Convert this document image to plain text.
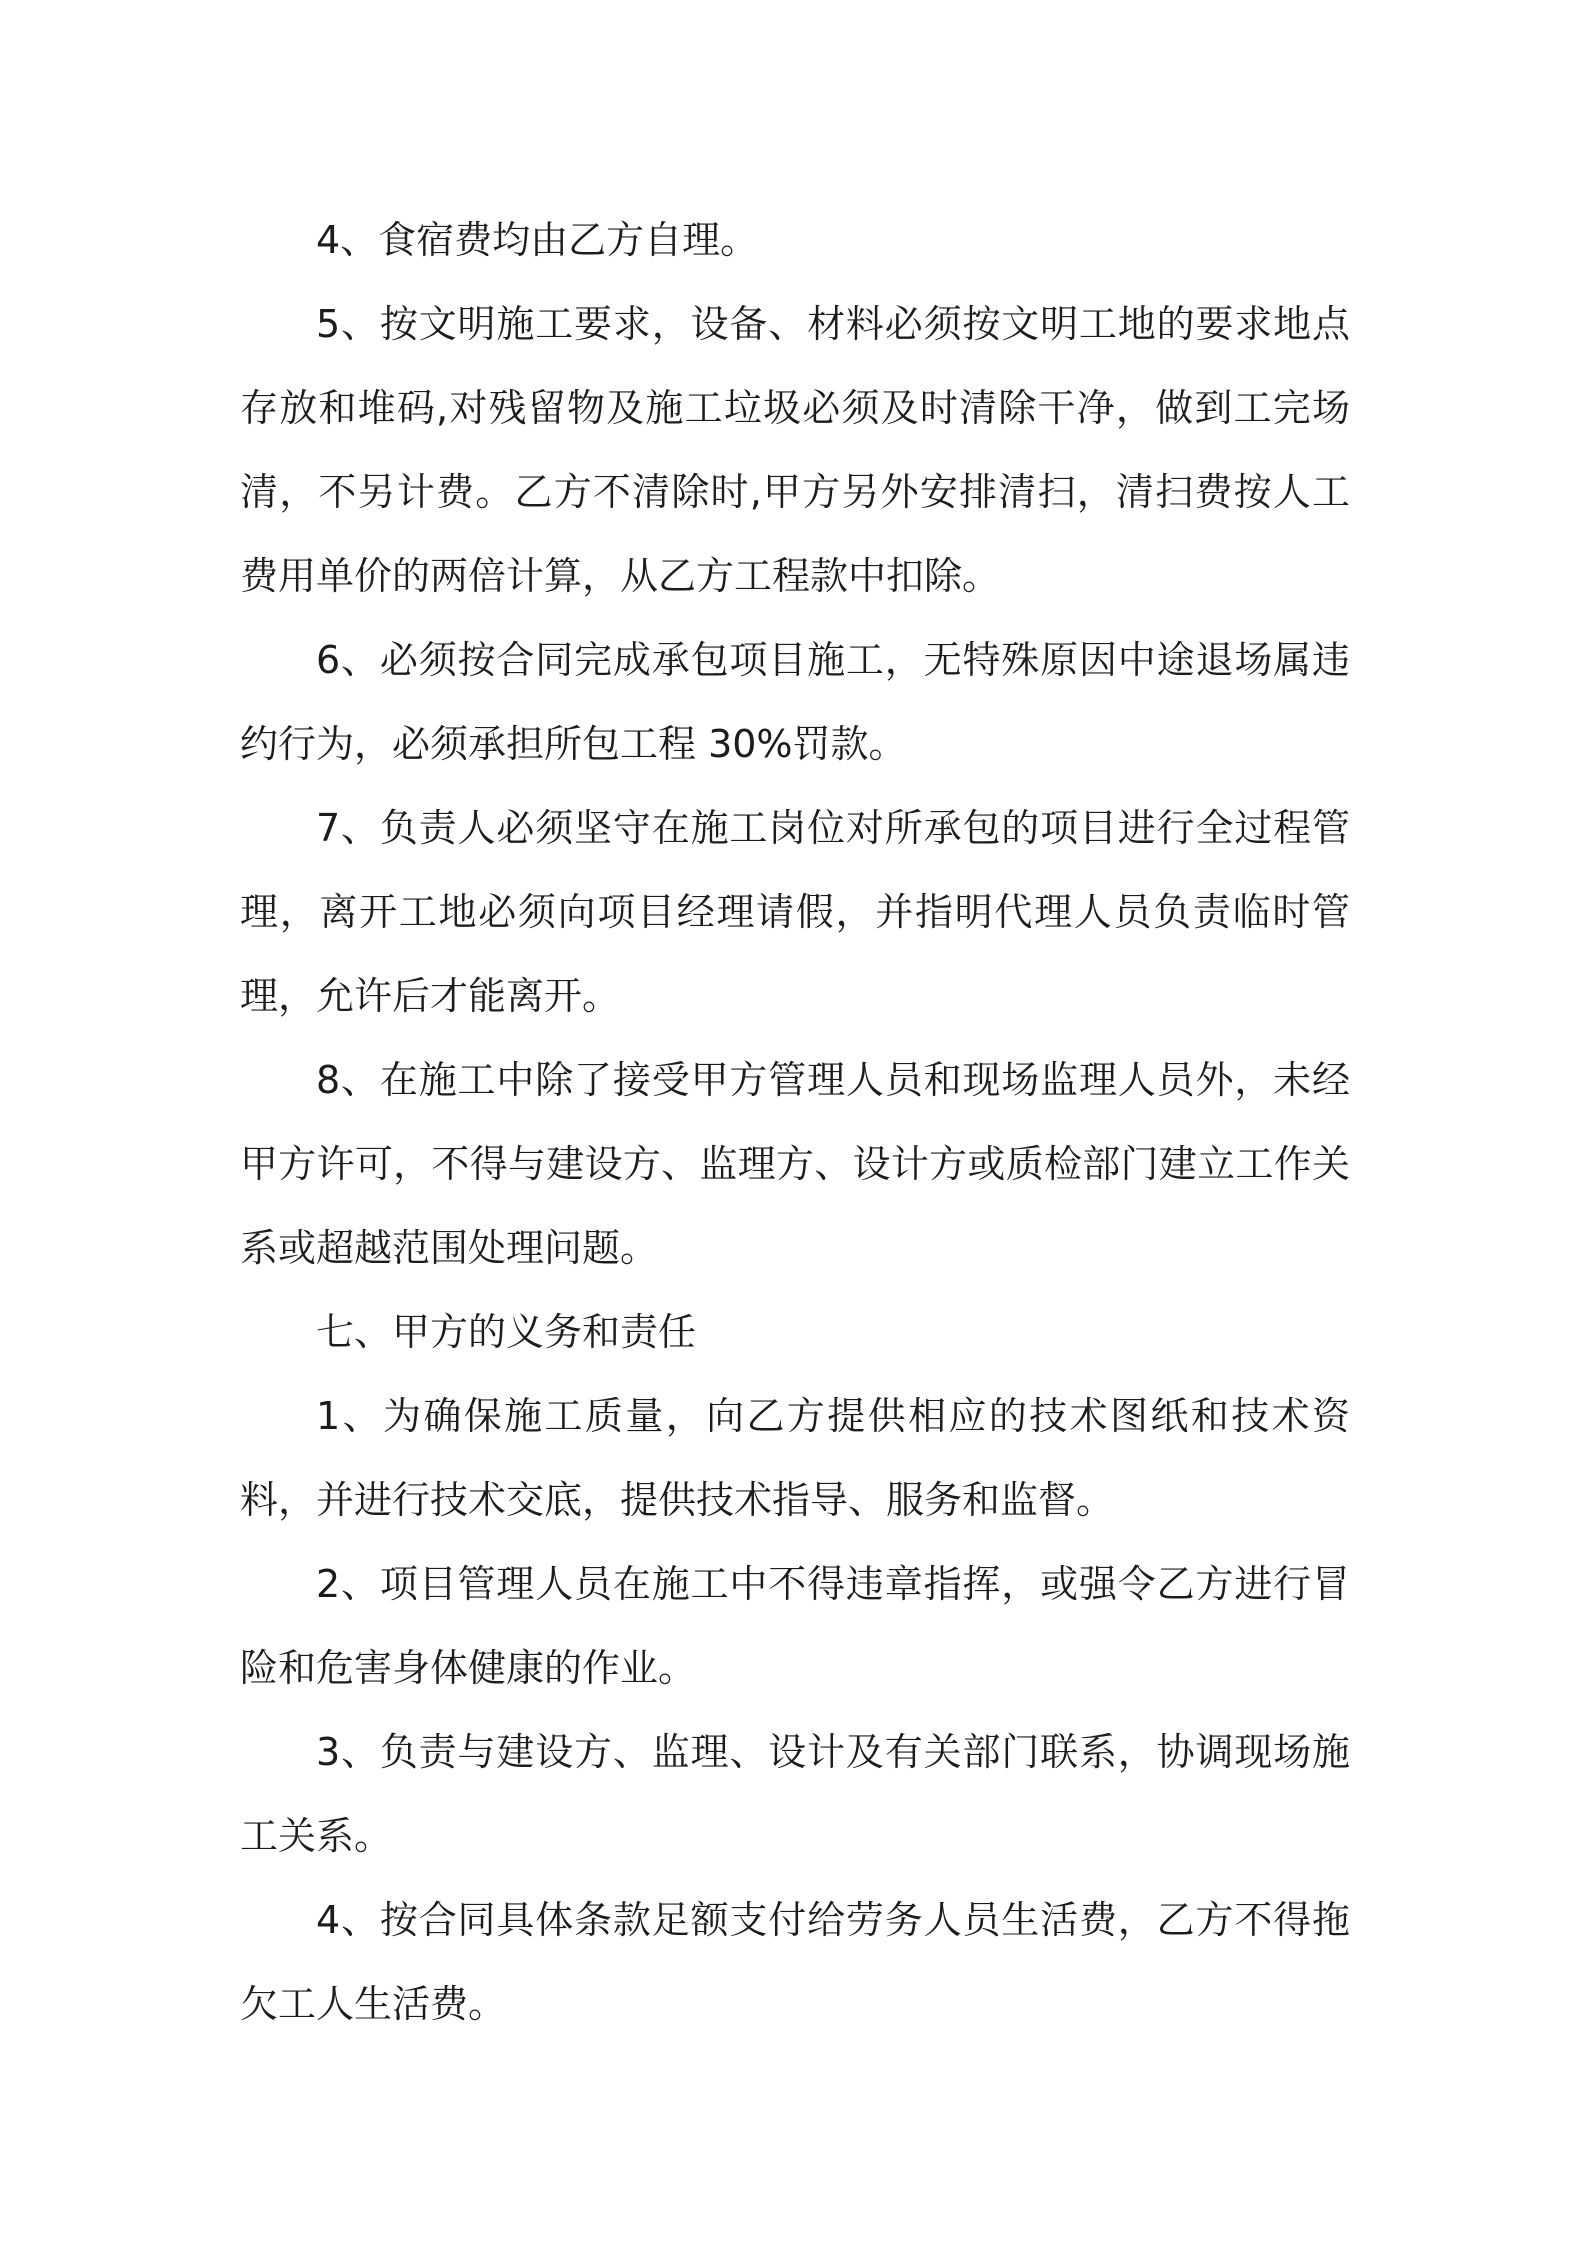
4、食宿费均由乙方自理。

5、按文明施工要求，设备、材料必须按文明工地的要求地点存放和堆码,对残留物及施工垃圾必须及时清除干净，做到工完场清，不另计费。乙方不清除时,甲方另外安排清扫，清扫费按人工费用单价的两倍计算，从乙方工程款中扣除。

6、必须按合同完成承包项目施工，无特殊原因中途退场属违约行为，必须承担所包工程 30%罚款。

7、负责人必须坚守在施工岗位对所承包的项目进行全过程管理，离开工地必须向项目经理请假，并指明代理人员负责临时管理，允许后才能离开。

8、在施工中除了接受甲方管理人员和现场监理人员外，未经甲方许可，不得与建设方、监理方、设计方或质检部门建立工作关系或超越范围处理问题。

七、甲方的义务和责任

1、为确保施工质量，向乙方提供相应的技术图纸和技术资料，并进行技术交底，提供技术指导、服务和监督。

2、项目管理人员在施工中不得违章指挥，或强令乙方进行冒险和危害身体健康的作业。

3、负责与建设方、监理、设计及有关部门联系，协调现场施工关系。

4、按合同具体条款足额支付给劳务人员生活费，乙方不得拖欠工人生活费。
